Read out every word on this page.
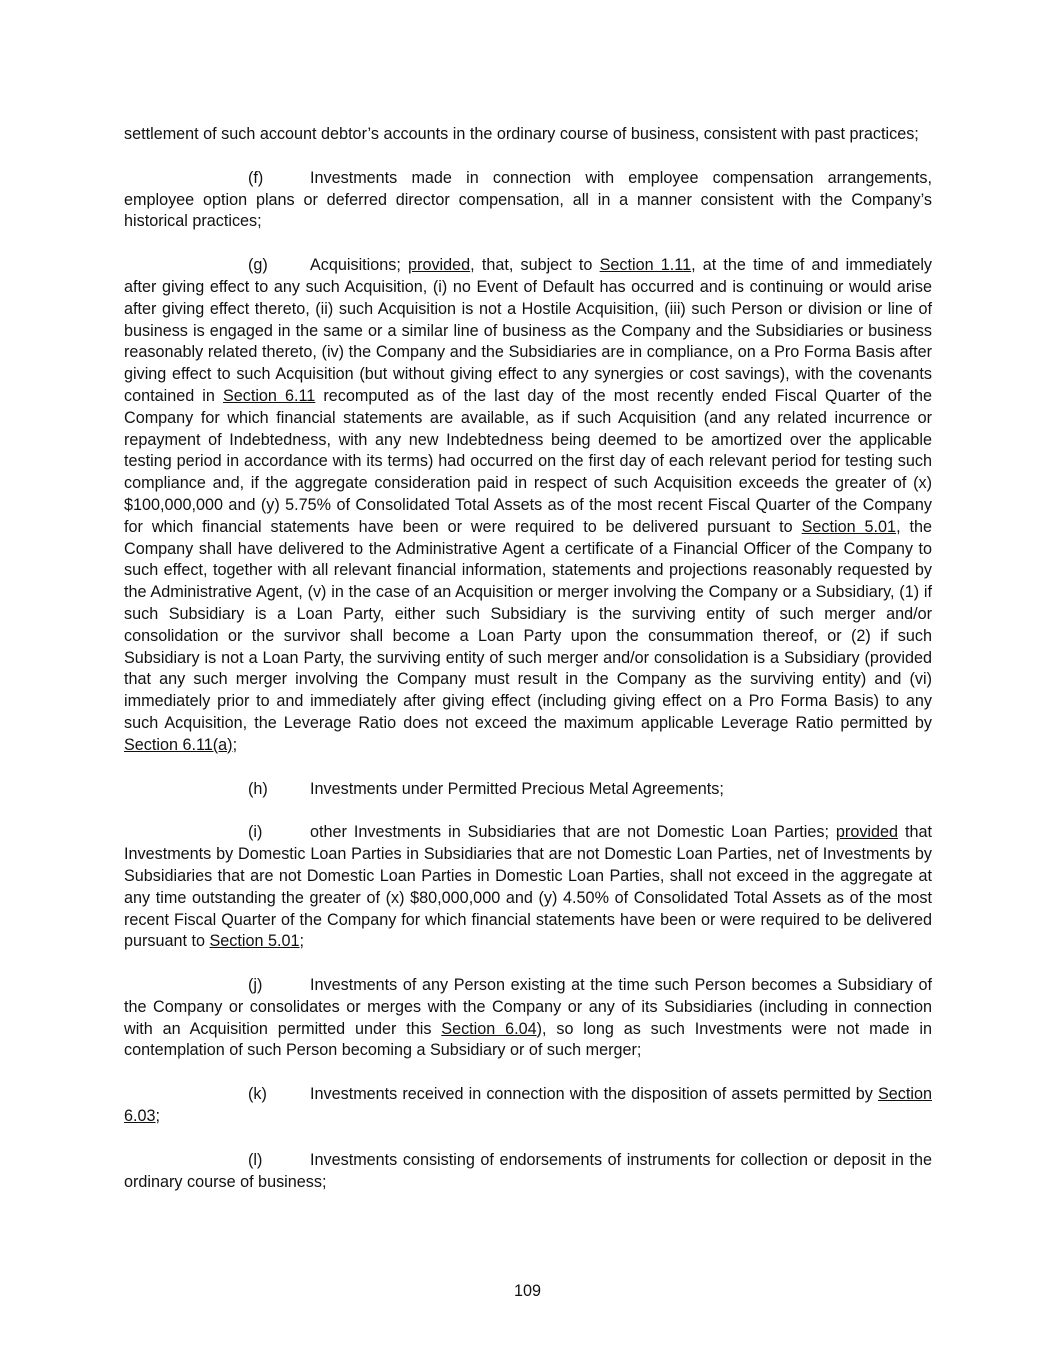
settlement of such account debtor’s accounts in the ordinary course of business, consistent with past practices;

(f)	Investments made in connection with employee compensation arrangements, employee option plans or deferred director compensation, all in a manner consistent with the Company’s historical practices;

(g)	Acquisitions; provided, that, subject to Section 1.11, at the time of and immediately after giving effect to any such Acquisition, (i) no Event of Default has occurred and is continuing or would arise after giving effect thereto, (ii) such Acquisition is not a Hostile Acquisition, (iii) such Person or division or line of business is engaged in the same or a similar line of business as the Company and the Subsidiaries or business reasonably related thereto, (iv) the Company and the Subsidiaries are in compliance, on a Pro Forma Basis after giving effect to such Acquisition (but without giving effect to any synergies or cost savings), with the covenants contained in Section 6.11 recomputed as of the last day of the most recently ended Fiscal Quarter of the Company for which financial statements are available, as if such Acquisition (and any related incurrence or repayment of Indebtedness, with any new Indebtedness being deemed to be amortized over the applicable testing period in accordance with its terms) had occurred on the first day of each relevant period for testing such compliance and, if the aggregate consideration paid in respect of such Acquisition exceeds the greater of (x) $100,000,000 and (y) 5.75% of Consolidated Total Assets as of the most recent Fiscal Quarter of the Company for which financial statements have been or were required to be delivered pursuant to Section 5.01, the Company shall have delivered to the Administrative Agent a certificate of a Financial Officer of the Company to such effect, together with all relevant financial information, statements and projections reasonably requested by the Administrative Agent, (v) in the case of an Acquisition or merger involving the Company or a Subsidiary, (1) if such Subsidiary is a Loan Party, either such Subsidiary is the surviving entity of such merger and/or consolidation or the survivor shall become a Loan Party upon the consummation thereof, or (2) if such Subsidiary is not a Loan Party, the surviving entity of such merger and/or consolidation is a Subsidiary (provided that any such merger involving the Company must result in the Company as the surviving entity) and (vi) immediately prior to and immediately after giving effect (including giving effect on a Pro Forma Basis) to any such Acquisition, the Leverage Ratio does not exceed the maximum applicable Leverage Ratio permitted by Section 6.11(a);

(h)	Investments under Permitted Precious Metal Agreements;

(i)	other Investments in Subsidiaries that are not Domestic Loan Parties; provided that Investments by Domestic Loan Parties in Subsidiaries that are not Domestic Loan Parties, net of Investments by Subsidiaries that are not Domestic Loan Parties in Domestic Loan Parties, shall not exceed in the aggregate at any time outstanding the greater of (x) $80,000,000 and (y) 4.50% of Consolidated Total Assets as of the most recent Fiscal Quarter of the Company for which financial statements have been or were required to be delivered pursuant to Section 5.01;

(j)	Investments of any Person existing at the time such Person becomes a Subsidiary of the Company or consolidates or merges with the Company or any of its Subsidiaries (including in connection with an Acquisition permitted under this Section 6.04), so long as such Investments were not made in contemplation of such Person becoming a Subsidiary or of such merger;

(k)	Investments received in connection with the disposition of assets permitted by Section 6.03;

(l)	Investments consisting of endorsements of instruments for collection or deposit in the ordinary course of business;

109
